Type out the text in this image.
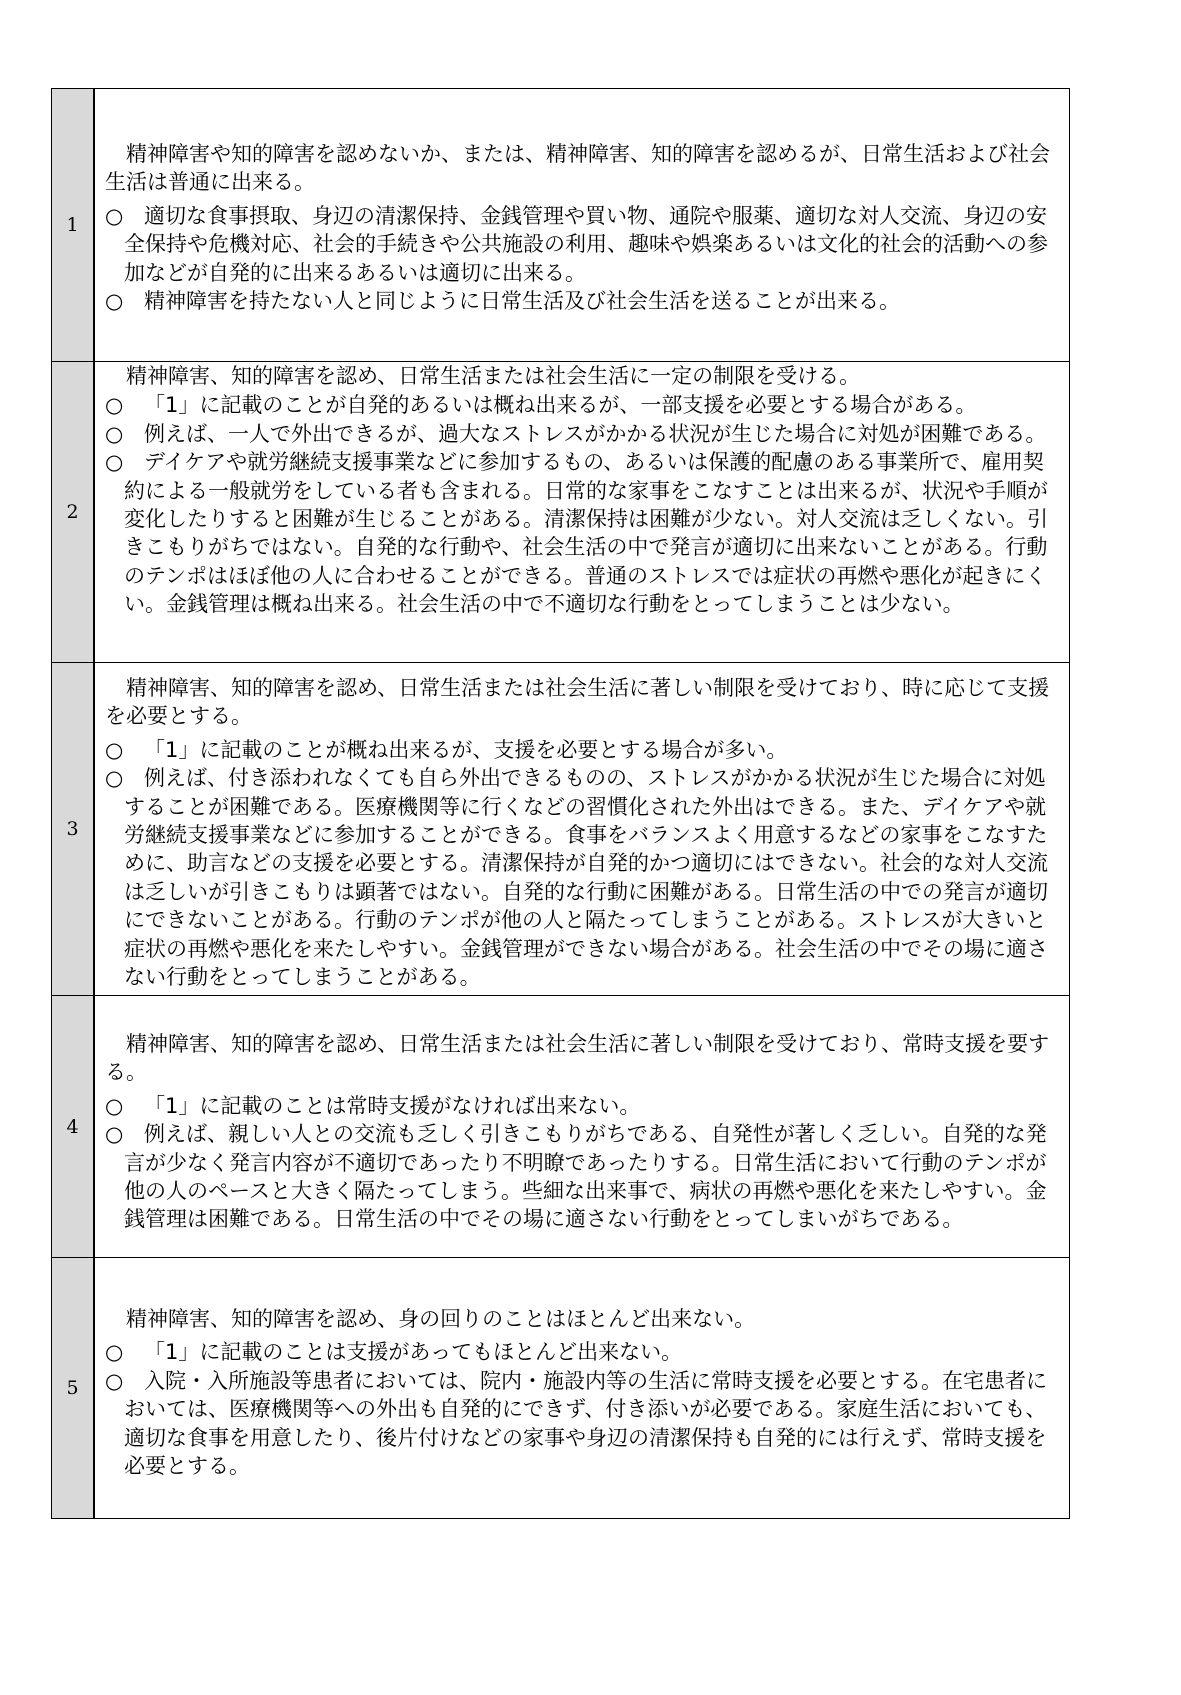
1
　精神障害や知的障害を認めないか、または、精神障害、知的障害を認めるが、日常生活および社会
生活は普通に出来る。
○ 適切な食事摂取、身辺の清潔保持、金銭管理や買い物、通院や服薬、適切な対人交流、身辺の安
全保持や危機対応、社会的手続きや公共施設の利用、趣味や娯楽あるいは文化的社会的活動への参
加などが自発的に出来るあるいは適切に出来る。
○ 精神障害を持たない人と同じように日常生活及び社会生活を送ることが出来る。
2
　精神障害、知的障害を認め、日常生活または社会生活に一定の制限を受ける。
○ 「1」に記載のことが自発的あるいは概ね出来るが、一部支援を必要とする場合がある。
○ 例えば、一人で外出できるが、過大なストレスがかかる状況が生じた場合に対処が困難である。
○ デイケアや就労継続支援事業などに参加するもの、あるいは保護的配慮のある事業所で、雇用契
約による一般就労をしている者も含まれる。日常的な家事をこなすことは出来るが、状況や手順が
変化したりすると困難が生じることがある。清潔保持は困難が少ない。対人交流は乏しくない。引
きこもりがちではない。自発的な行動や、社会生活の中で発言が適切に出来ないことがある。行動
のテンポはほぼ他の人に合わせることができる。普通のストレスでは症状の再燃や悪化が起きにく
い。金銭管理は概ね出来る。社会生活の中で不適切な行動をとってしまうことは少ない。
3
　精神障害、知的障害を認め、日常生活または社会生活に著しい制限を受けており、時に応じて支援
を必要とする。
○ 「1」に記載のことが概ね出来るが、支援を必要とする場合が多い。
○ 例えば、付き添われなくても自ら外出できるものの、ストレスがかかる状況が生じた場合に対処
することが困難である。医療機関等に行くなどの習慣化された外出はできる。また、デイケアや就
労継続支援事業などに参加することができる。食事をバランスよく用意するなどの家事をこなすた
めに、助言などの支援を必要とする。清潔保持が自発的かつ適切にはできない。社会的な対人交流
は乏しいが引きこもりは顕著ではない。自発的な行動に困難がある。日常生活の中での発言が適切
にできないことがある。行動のテンポが他の人と隔たってしまうことがある。ストレスが大きいと
症状の再燃や悪化を来たしやすい。金銭管理ができない場合がある。社会生活の中でその場に適さ
ない行動をとってしまうことがある。
4
　精神障害、知的障害を認め、日常生活または社会生活に著しい制限を受けており、常時支援を要す
る。
○ 「1」に記載のことは常時支援がなければ出来ない。
○ 例えば、親しい人との交流も乏しく引きこもりがちである、自発性が著しく乏しい。自発的な発
言が少なく発言内容が不適切であったり不明瞭であったりする。日常生活において行動のテンポが
他の人のペースと大きく隔たってしまう。些細な出来事で、病状の再燃や悪化を来たしやすい。金
銭管理は困難である。日常生活の中でその場に適さない行動をとってしまいがちである。
5
　精神障害、知的障害を認め、身の回りのことはほとんど出来ない。
○ 「1」に記載のことは支援があってもほとんど出来ない。
○ 入院・入所施設等患者においては、院内・施設内等の生活に常時支援を必要とする。在宅患者に
おいては、医療機関等への外出も自発的にできず、付き添いが必要である。家庭生活においても、
適切な食事を用意したり、後片付けなどの家事や身辺の清潔保持も自発的には行えず、常時支援を
必要とする。
